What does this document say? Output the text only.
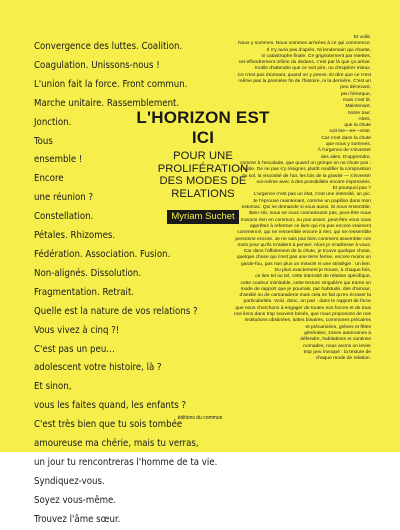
Convergence des luttes. Coalition.
Coagulation. Unissons-nous !
L'union fait la force. Front commun.
Marche unitaire. Rassemblement.
Jonction.
Tous
ensemble !
Encore
une réunion ?
Constellation.
Pétales. Rhizomes.
Fédération. Association. Fusion.
Non-alignés. Dissolution.
Fragmentation. Retrait.
Quelle est la nature de vos relations ?
Vous vivez à cinq ?!
C'est pas un peu…
adolescent votre histoire, là ?
Et sinon,
vous les faites quand, les enfants ?
C'est très bien que tu sois tombée
amoureuse ma chérie, mais tu verras,
un jour tu rencontreras l'homme de ta vie.
Syndiquez-vous.
Soyez vous-même.
Trouvez l'âme sœur.
L'HORIZON EST ICI
POUR UNE PROLIFÉRATION
DES MODES DE RELATIONS
Myriam Suchet
Et voilà.
Nous y sommes. Nous sommes arrivées à ce qui commence.
Il n'y aura pas d'après. Ni lendemain qui chante,
ni catastrophe finale. Ce grignotement par miettes,
cet effondrement infime du dedans, c'est par là que ça arrive.
Inutile d'attendre que ce soit pire, ou d'espérer mieux.
Ce n'est pas étonnant, quand on y pense. Et dire que ce n'est
même pas la première fin de l'histoire, ni la dernière. C'est un
peu décevant,
peu héroïque,
mais c'est là.
Maintenant.
Notre tour.
Alors,
que la chute
soit lee—ee—ente.
Car c'est dans la chute
que nous y sommes.
À l'urgence de s'inventer
des ailes. D'apprendre,
comme à l'escalade, que quand on grimpe on ne chute pas :
on vole. De ne pas s'y résigner, plutôt modifier la composition
du sol, la viscosité de l'air, les lois de la gravité — s'inventer
soi-même avec à des possibilités encore impensées.
Et pourquoi pas ?
L'urgence n'est pas un état, c'est une intensité, un pic.
Je l'éprouve maintenant, comme un papillon dans mon
estomac. Qui se demande si vous aussi. Si nous ensemble.
Bien sûr, nous ne nous connaissons pas, peut-être nous
n'avons rien en commun, ou pas assez, peut-être vous vous
apprêtez à refermer ce livre qui n'a pas encore vraiment
commencé, qui ne ressemble encore à rien, qui ne ressemble
personne encore. Je ne sais pas bien comment assembler ces
mots pour qu'ils m'aident à penser. Alors je m'adresse à vous.
Car dans l'affolement de la chute, je trouve quelque chose,
quelque chose qui n'est pas une terre ferme, encore moins un
garde-fou, pas non plus un miracle ni une stratégie : un lien.
Du plus exactement je trouve, à chaque fois,
ce lien tel ou tel, cette intensité de relation spécifique,
cette couleur inimitable, cette texture singulière qui trame un
mode de rapport que je pourrais, par habitude, dire d'amour,
d'amitié ou de camaraderie mais cela ne fait qu'en écraser la
particularités. Voici, donc, un pari : dans le rapport de force
que nous cherchons à engager de toutes nos forces et de tous
nos liens dans trop souvent brisés, que nous proposons de nos
institutions obstinées, luttes binaires, communes précaires
et précarisées, grèves et fêtes
générales, zones autonomes à
défendre, habitations et cantines
nomades, nous avons un levier
trop peu invoqué : la texture de
chaque mode de relation.
éditions du commun
